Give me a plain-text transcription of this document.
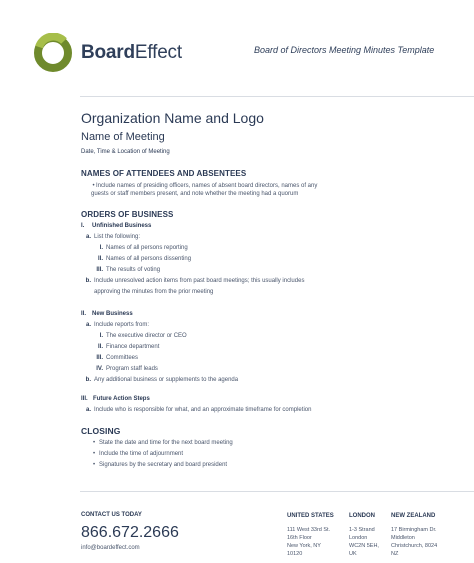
BoardEffect	Board of Directors Meeting Minutes Template
Organization Name and Logo
Name of Meeting
Date, Time & Location of Meeting
NAMES OF ATTENDEES AND ABSENTEES
• Include names of presiding officers, names of absent board directors, names of any
guests or staff members present, and note whether the meeting had a quorum
ORDERS OF BUSINESS
I.	Unfinished Business
a. List the following:
I. Names of all persons reporting
II. Names of all persons dissenting
III. The results of voting
b. Include unresolved action items from past board meetings; this usually includes
approving the minutes from the prior meeting
II. New Business
a. Include reports from:
I. The executive director or CEO
II. Finance department
III. Committees
IV. Program staff leads
b. Any additional business or supplements to the agenda
III. Future Action Steps
a. Include who is responsible for what, and an approximate timeframe for completion
CLOSING
• State the date and time for the next board meeting
• Include the time of adjournment
• Signatures by the secretary and board president
CONTACT US TODAY
866.672.2666
info@boardeffect.com
UNITED STATES
111 West 33rd St.
16th Floor
New York, NY
10120
LONDON
1-3 Strand
London
WC2N 5EH,
UK
NEW ZEALAND
17 Birmingham Dr.
Middleton
Christchurch, 8024
NZ
